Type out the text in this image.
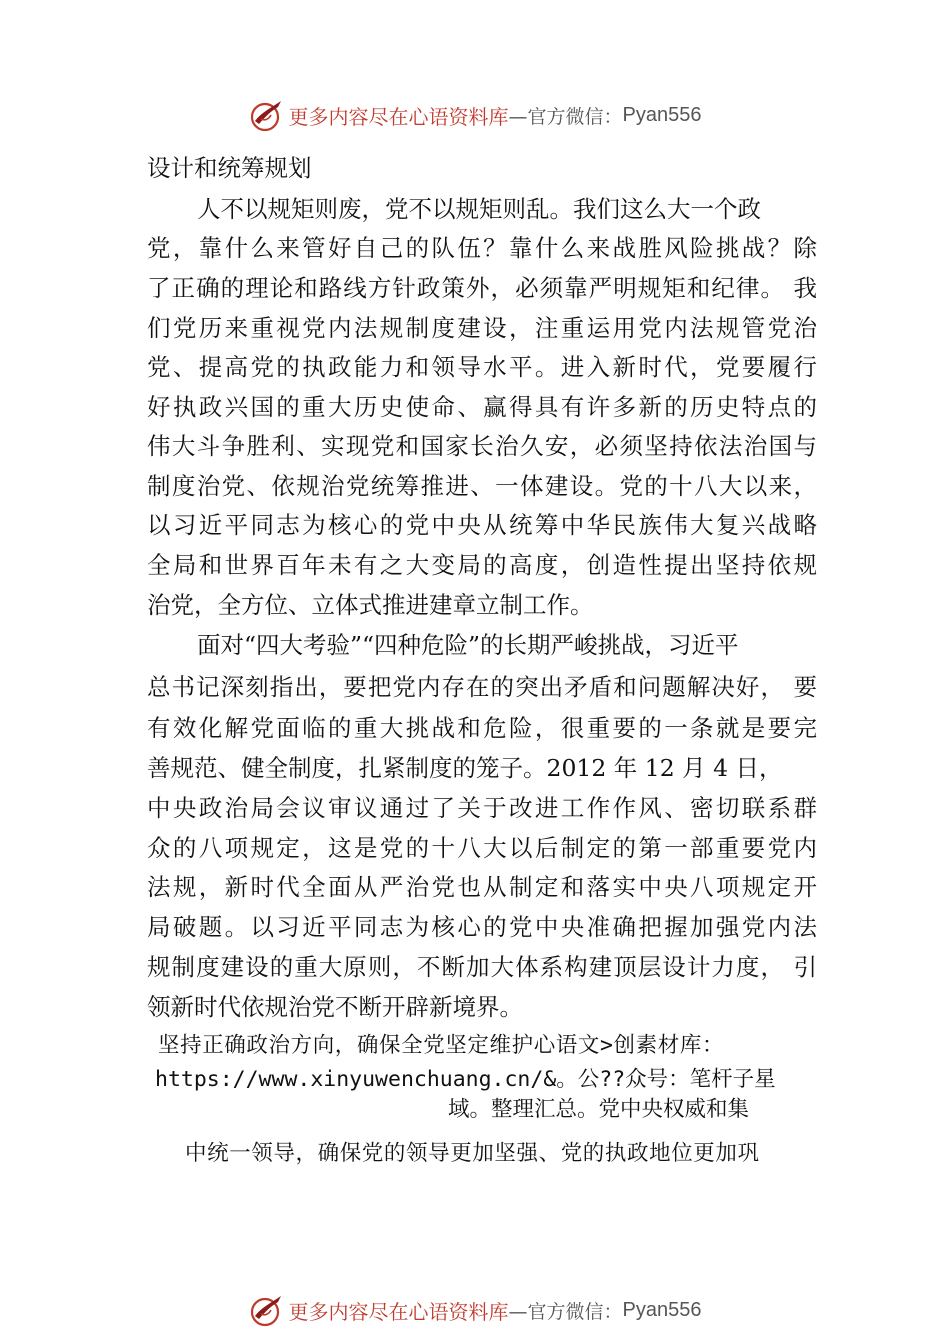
更多内容尽在心语资料库 —官方微信： Pyan556
设计和统筹规划
人不以规矩则废，党不以规矩则乱。我们这么大一个政
党，靠什么来管好自己的队伍？靠什么来战胜风险挑战？除
了正确的理论和路线方针政策外，必须靠严明规矩和纪律。 我
们党历来重视党内法规制度建设，注重运用党内法规管党治
党、提高党的执政能力和领导水平。进入新时代，党要履行
好执政兴国的重大历史使命、赢得具有许多新的历史特点的
伟大斗争胜利、实现党和国家长治久安，必须坚持依法治国与
制度治党、依规治党统筹推进、一体建设。党的十八大以来，
以习近平同志为核心的党中央从统筹中华民族伟大复兴战略
全局和世界百年未有之大变局的高度，创造性提出坚持依规
治党，全方位、立体式推进建章立制工作。
面对“四大考验”“四种危险”的长期严峻挑战，习近平
总书记深刻指出，要把党内存在的突出矛盾和问题解决好， 要
有效化解党面临的重大挑战和危险，很重要的一条就是要完
善规范、健全制度，扎紧制度的笼子。2012 年 12 月 4 日，
中央政治局会议审议通过了关于改进工作作风、密切联系群
众的八项规定，这是党的十八大以后制定的第一部重要党内
法规，新时代全面从严治党也从制定和落实中央八项规定开
局破题。以习近平同志为核心的党中央准确把握加强党内法
规制度建设的重大原则，不断加大体系构建顶层设计力度， 引
领新时代依规治党不断开辟新境界。
坚持正确政治方向，确保全党坚定维护心语文>创素材库：
https://www.xinyuwenchuang.cn/&。公??众号：笔杆子星
域。整理汇总。党中央权威和集
中统一领导，确保党的领导更加坚强、党的执政地位更加巩
更多内容尽在心语资料库 —官方微信： Pyan556
